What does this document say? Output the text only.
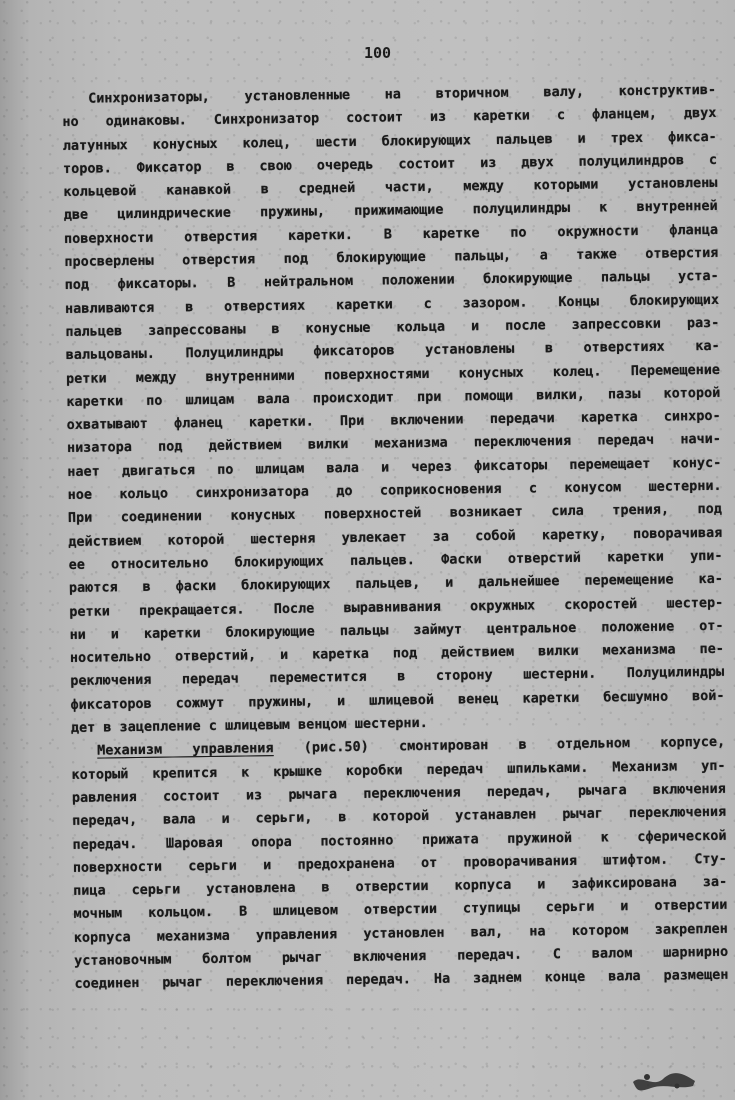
100
Синхронизаторы, установленные на вторичном валу, конструктив-
но одинаковы. Синхронизатор состоит из каретки с фланцем, двух
латунных конусных колец, шести блокирующих пальцев и трех фикса-
торов. Фиксатор в свою очередь состоит из двух полуцилиндров с
кольцевой канавкой в средней части, между которыми установлены
две цилиндрические пружины, прижимающие полуцилиндры к внутренней
поверхности отверстия каретки. В каретке по окружности фланца
просверлены отверстия под блокирующие пальцы, а также отверстия
под фиксаторы. В нейтральном положении блокирующие пальцы уста-
навливаются в отверстиях каретки с зазором. Концы блокирующих
пальцев запрессованы в конусные кольца и после запрессовки раз-
вальцованы. Полуцилиндры фиксаторов установлены в отверстиях ка-
ретки между внутренними поверхностями конусных колец. Перемещение
каретки по шлицам вала происходит при помощи вилки, пазы которой
охватывают фланец каретки. При включении передачи каретка синхро-
низатора под действием вилки механизма переключения передач начи-
нает двигаться по шлицам вала и через фиксаторы перемещает конус-
ное кольцо синхронизатора до соприкосновения с конусом шестерни.
При соединении конусных поверхностей возникает сила трения, под
действием которой шестерня увлекает за собой каретку, поворачивая
ее относительно блокирующих пальцев. Фаски отверстий каретки упи-
раются в фаски блокирующих пальцев, и дальнейшее перемещение ка-
ретки прекращается. После выравнивания окружных скоростей шестер-
ни и каретки блокирующие пальцы займут центральное положение от-
носительно отверстий, и каретка под действием вилки механизма пе-
реключения передач переместится в сторону шестерни. Полуцилиндры
фиксаторов сожмут пружины, и шлицевой венец каретки бесшумно вой-
дет в зацепление с шлицевым венцом шестерни.
Механизм управления (рис.50) смонтирован в отдельном корпусе,
который крепится к крышке коробки передач шпильками. Механизм уп-
равления состоит из рычага переключения передач, рычага включения
передач, вала и серьги, в которой устанавлен рычаг переключения
передач. Шаровая опора постоянно прижата пружиной к сферической
поверхности серьги и предохранена от проворачивания штифтом. Сту-
пица серьги установлена в отверстии корпуса и зафиксирована за-
мочным кольцом. В шлицевом отверстии ступицы серьги и отверстии
корпуса механизма управления установлен вал, на котором закреплен
установочным болтом рычаг включения передач. С валом шарнирно
соединен рычаг переключения передач. На заднем конце вала размещен
